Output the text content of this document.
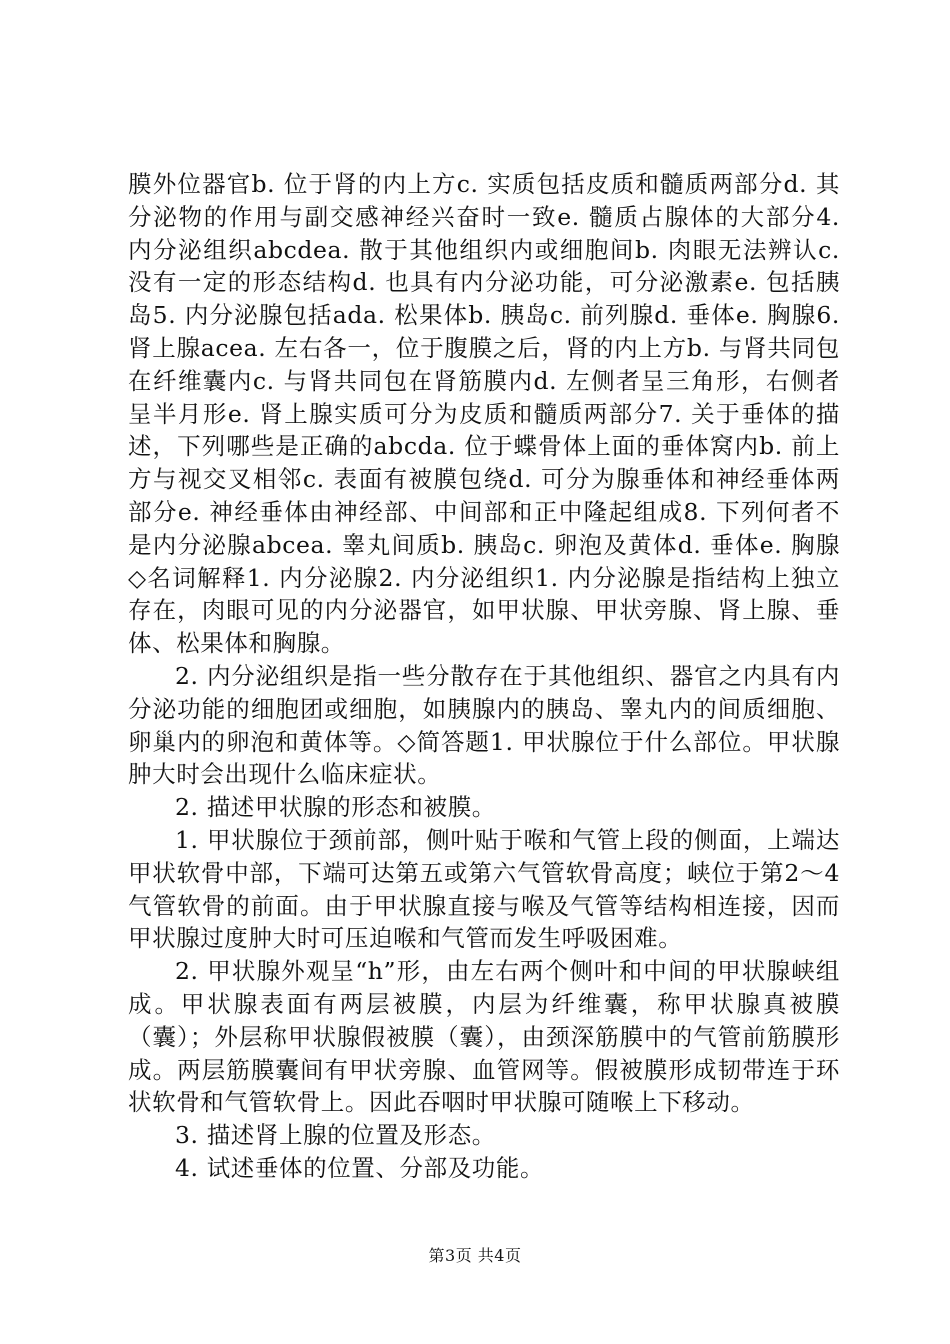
膜外位器官b. 位于肾的内上方c. 实质包括皮质和髓质两部分d. 其分泌物的作用与副交感神经兴奋时一致e. 髓质占腺体的大部分4. 内分泌组织abcdea. 散于其他组织内或细胞间b. 肉眼无法辨认c. 没有一定的形态结构d. 也具有内分泌功能，可分泌激素e. 包括胰岛5. 内分泌腺包括ada. 松果体b. 胰岛c. 前列腺d. 垂体e. 胸腺6. 肾上腺acea. 左右各一，位于腹膜之后，肾的内上方b. 与肾共同包在纤维囊内c. 与肾共同包在肾筋膜内d. 左侧者呈三角形，右侧者呈半月形e. 肾上腺实质可分为皮质和髓质两部分7. 关于垂体的描述，下列哪些是正确的abcda. 位于蝶骨体上面的垂体窝内b. 前上方与视交叉相邻c. 表面有被膜包绕d. 可分为腺垂体和神经垂体两部分e. 神经垂体由神经部、中间部和正中隆起组成8. 下列何者不是内分泌腺abcea. 睾丸间质b. 胰岛c. 卵泡及黄体d. 垂体e. 胸腺◇名词解释1. 内分泌腺2. 内分泌组织1. 内分泌腺是指结构上独立存在，肉眼可见的内分泌器官，如甲状腺、甲状旁腺、肾上腺、垂体、松果体和胸腺。

2. 内分泌组织是指一些分散存在于其他组织、器官之内具有内分泌功能的细胞团或细胞，如胰腺内的胰岛、睾丸内的间质细胞、卵巢内的卵泡和黄体等。◇简答题1. 甲状腺位于什么部位。甲状腺肿大时会出现什么临床症状。

2. 描述甲状腺的形态和被膜。

1. 甲状腺位于颈前部，侧叶贴于喉和气管上段的侧面，上端达甲状软骨中部，下端可达第五或第六气管软骨高度；峡位于第2～4气管软骨的前面。由于甲状腺直接与喉及气管等结构相连接，因而甲状腺过度肿大时可压迫喉和气管而发生呼吸困难。

2. 甲状腺外观呈“h”形，由左右两个侧叶和中间的甲状腺峡组成。甲状腺表面有两层被膜，内层为纤维囊，称甲状腺真被膜（囊）；外层称甲状腺假被膜（囊），由颈深筋膜中的气管前筋膜形成。两层筋膜囊间有甲状旁腺、血管网等。假被膜形成韧带连于环状软骨和气管软骨上。因此吞咽时甲状腺可随喉上下移动。

3. 描述肾上腺的位置及形态。

4. 试述垂体的位置、分部及功能。

第3页 共4页
